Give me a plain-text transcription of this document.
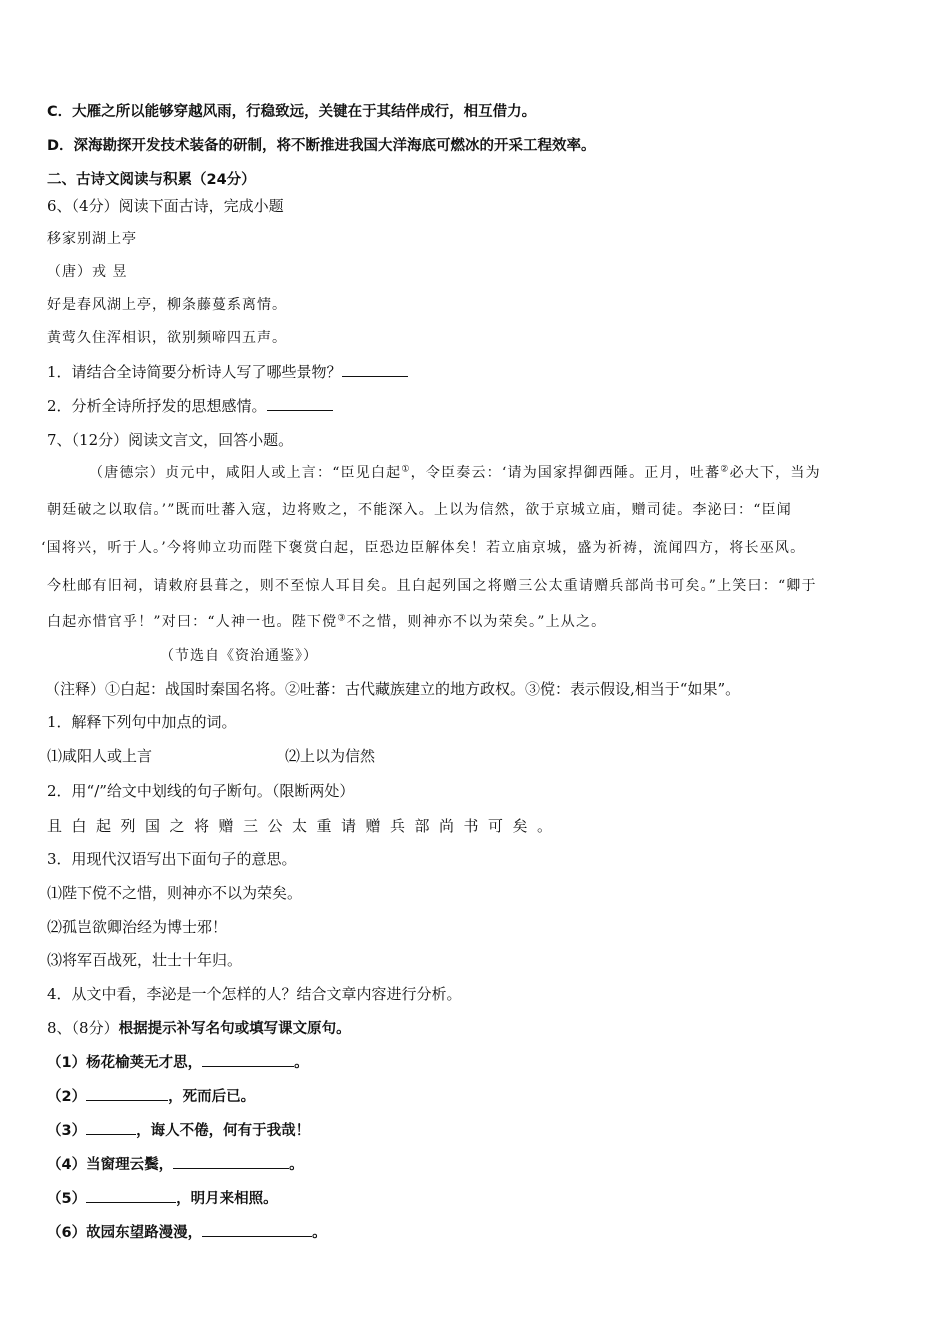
C．大雁之所以能够穿越风雨，行稳致远，关键在于其结伴成行，相互借力。
D．深海勘探开发技术装备的研制，将不断推进我国大洋海底可燃冰的开采工程效率。
二、古诗文阅读与积累（24分）
6、（4分）阅读下面古诗，完成小题
移家别湖上亭
（唐）戎 昱
好是春风湖上亭，柳条藤蔓系离情。
黄莺久住浑相识，欲别频啼四五声。
1．请结合全诗简要分析诗人写了哪些景物？
2．分析全诗所抒发的思想感情。
7、（12分）阅读文言文，回答小题。
（唐德宗）贞元中，咸阳人或上言：“臣见白起①，令臣奏云：‘请为国家捍御西陲。正月，吐蕃②必大下，当为
朝廷破之以取信。’”既而吐蕃入寇，边将败之，不能深入。上以为信然，欲于京城立庙，赠司徒。李泌曰：“臣闻
‘国将兴，听于人。’今将帅立功而陛下褒赏白起，臣恐边臣解体矣！若立庙京城，盛为祈祷，流闻四方，将长巫风。
今杜邮有旧祠，请敕府县葺之，则不至惊人耳目矣。且白起列国之将赠三公太重请赠兵部尚书可矣。”上笑曰：“卿于
白起亦惜官乎！”对曰：“人神一也。陛下傥③不之惜，则神亦不以为荣矣。”上从之。
（节选自《资治通鉴》）
（注释）①白起：战国时秦国名将。②吐蕃：古代藏族建立的地方政权。③傥：表示假设,相当于“如果”。
1．解释下列句中加点的词。
⑴咸阳人或上言	⑵上以为信然
2．用“/”给文中划线的句子断句。（限断两处）
且白起列国之将赠三公太重请赠兵部尚书可矣。
3．用现代汉语写出下面句子的意思。
⑴陛下傥不之惜，则神亦不以为荣矣。
⑵孤岂欲卿治经为博士邪！
⑶将军百战死，壮士十年归。
4．从文中看，李泌是一个怎样的人？结合文章内容进行分析。
8、（8分）根据提示补写名句或填写课文原句。
（1）杨花榆荚无才思，	。
（2）	，死而后已。
（3）	，诲人不倦，何有于我哉！
（4）当窗理云鬓，	。
（5）	，明月来相照。
（6）故园东望路漫漫，	。
